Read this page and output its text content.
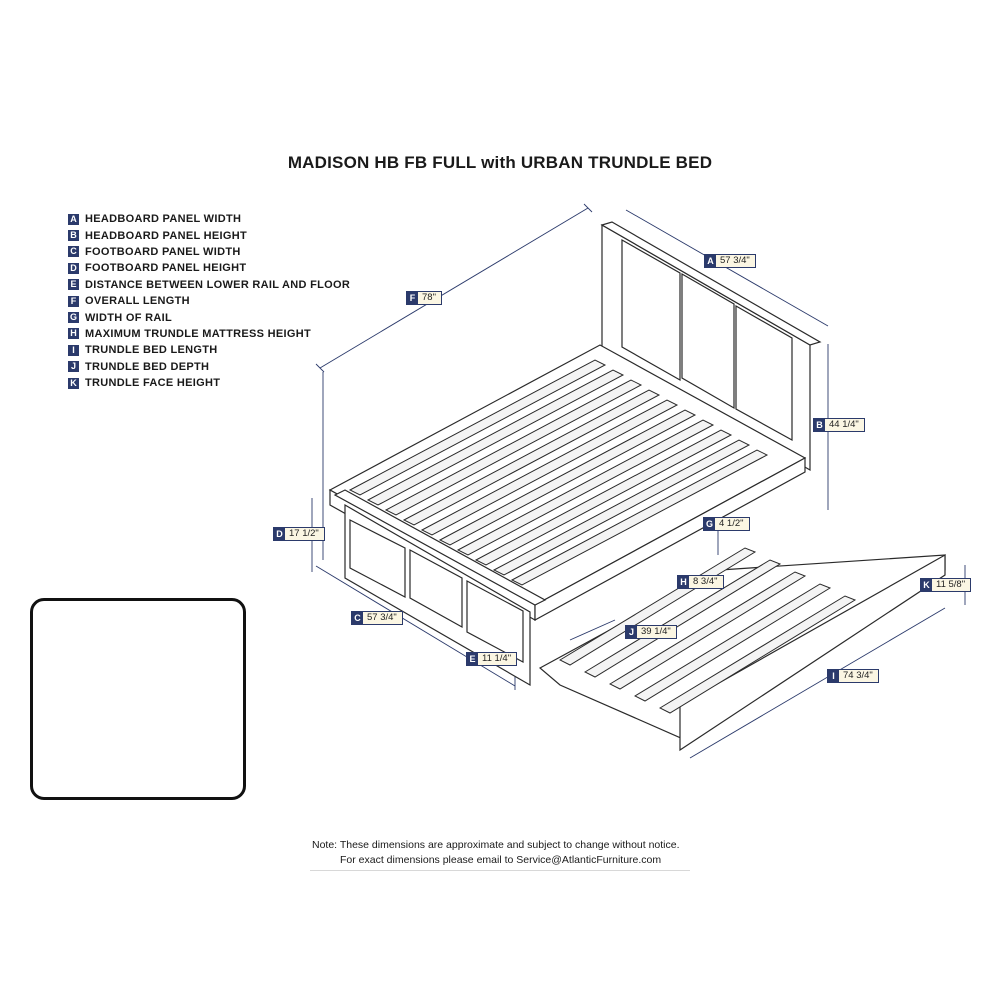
MADISON HB FB FULL with URBAN TRUNDLE BED
A HEADBOARD PANEL WIDTH
B HEADBOARD PANEL HEIGHT
C FOOTBOARD PANEL WIDTH
D FOOTBOARD PANEL HEIGHT
E DISTANCE BETWEEN LOWER RAIL AND FLOOR
F OVERALL LENGTH
G WIDTH OF RAIL
H MAXIMUM TRUNDLE MATTRESS HEIGHT
I TRUNDLE BED LENGTH
J TRUNDLE BED DEPTH
K TRUNDLE FACE HEIGHT
A 57 3/4"
B 44 1/4"
C 57 3/4"
D 17 1/2"
E 11 1/4"
F 78"
G 4 1/2"
H 8 3/4"
I 74 3/4"
J 39 1/4"
K 11 5/8"
Note: These dimensions are approximate and subject to change without notice.
For exact dimensions please email to Service@AtlanticFurniture.com
